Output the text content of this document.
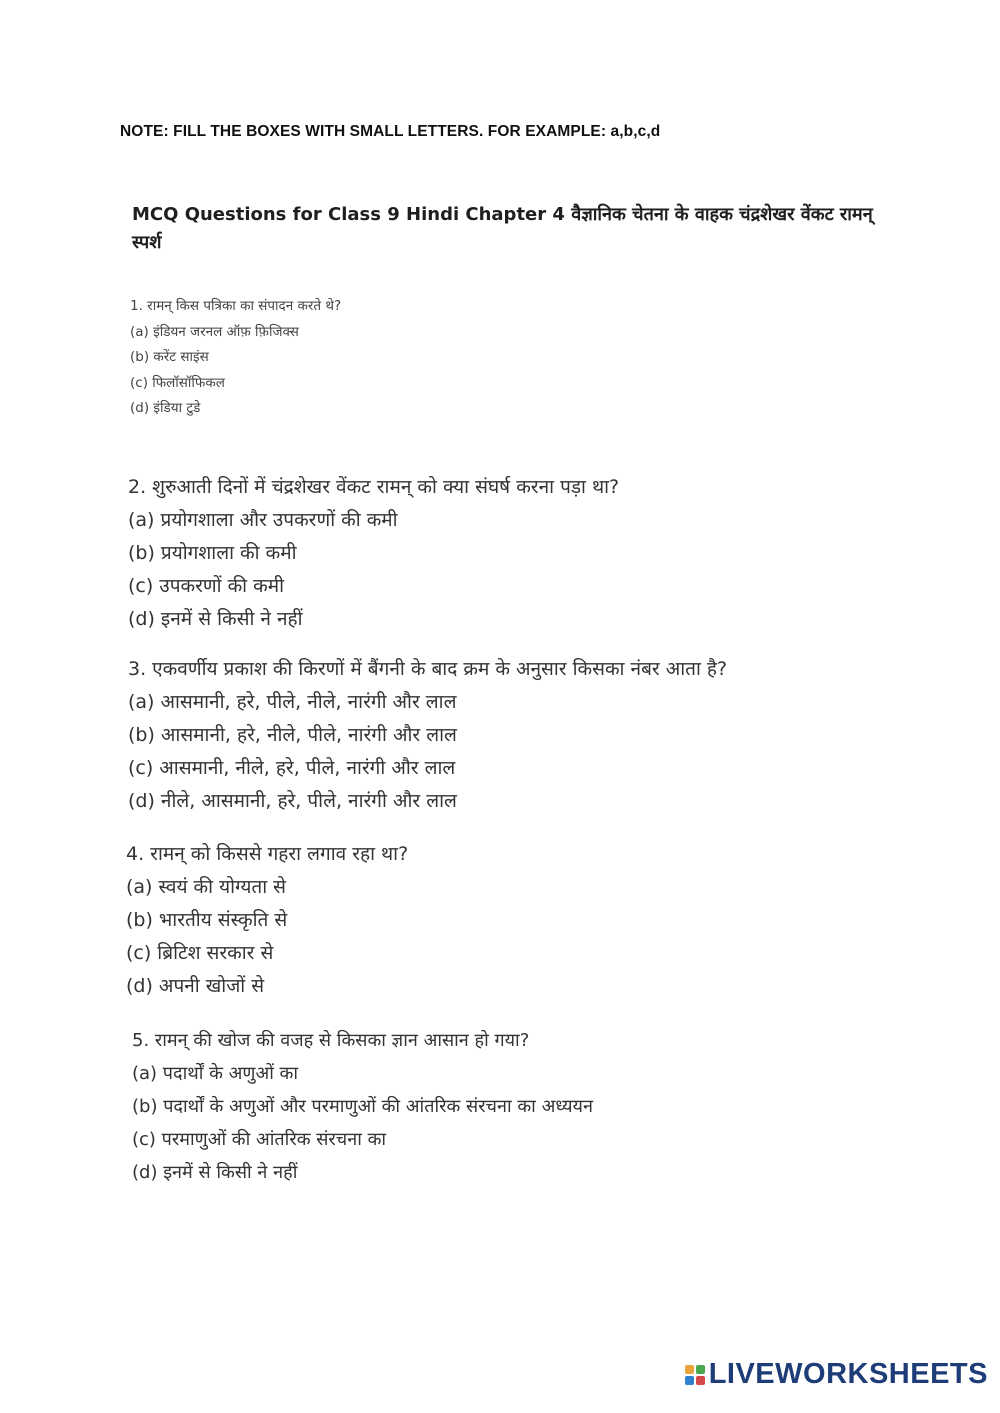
NOTE: FILL THE BOXES WITH SMALL LETTERS. FOR EXAMPLE: a,b,c,d
MCQ Questions for Class 9 Hindi Chapter 4 वैज्ञानिक चेतना के वाहक चंद्रशेखर वेंकट रामन् स्पर्श
1. रामन् किस पत्रिका का संपादन करते थे?
(a) इंडियन जरनल ऑफ़ फ़िजिक्स
(b) करेंट साइंस
(c) फिलॉसॉफिकल
(d) इंडिया टुडे
2. शुरुआती दिनों में चंद्रशेखर वेंकट रामन् को क्या संघर्ष करना पड़ा था?
(a) प्रयोगशाला और उपकरणों की कमी
(b) प्रयोगशाला की कमी
(c) उपकरणों की कमी
(d) इनमें से किसी ने नहीं
3. एकवर्णीय प्रकाश की किरणों में बैंगनी के बाद क्रम के अनुसार किसका नंबर आता है?
(a) आसमानी, हरे, पीले, नीले, नारंगी और लाल
(b) आसमानी, हरे, नीले, पीले, नारंगी और लाल
(c) आसमानी, नीले, हरे, पीले, नारंगी और लाल
(d) नीले, आसमानी, हरे, पीले, नारंगी और लाल
4. रामन् को किससे गहरा लगाव रहा था?
(a) स्वयं की योग्यता से
(b) भारतीय संस्कृति से
(c) ब्रिटिश सरकार से
(d) अपनी खोजों से
5. रामन् की खोज की वजह से किसका ज्ञान आसान हो गया?
(a) पदार्थों के अणुओं का
(b) पदार्थों के अणुओं और परमाणुओं की आंतरिक संरचना का अध्ययन
(c) परमाणुओं की आंतरिक संरचना का
(d) इनमें से किसी ने नहीं
LIVEWORKSHEETS
